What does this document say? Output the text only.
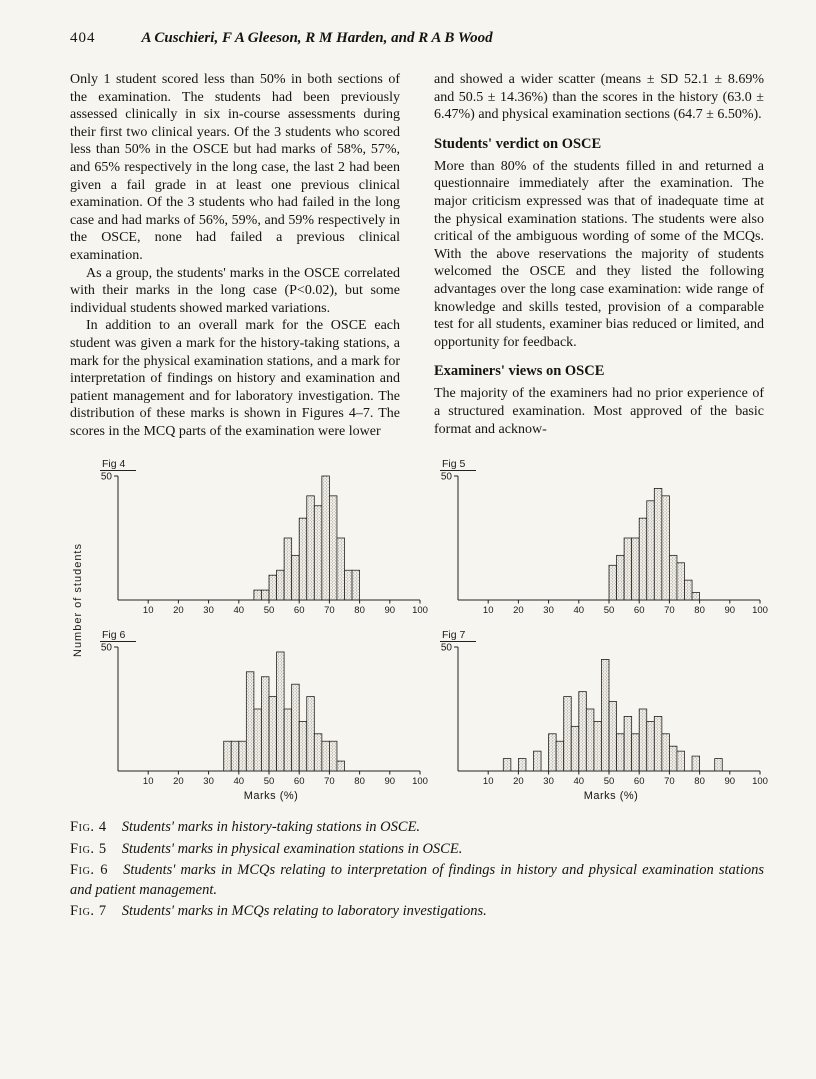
404	A Cuschieri, F A Gleeson, R M Harden, and R A B Wood

Only 1 student scored less than 50% in both sections of the examination. The students had been previously assessed clinically in six in-course assessments during their first two clinical years. Of the 3 students who scored less than 50% in the OSCE but had marks of 58%, 57%, and 65% respectively in the long case, the last 2 had been given a fail grade in at least one previous clinical examination. Of the 3 students who had failed in the long case and had marks of 56%, 59%, and 59% respectively in the OSCE, none had failed a previous clinical examination.

As a group, the students' marks in the OSCE correlated with their marks in the long case (P<0.02), but some individual students showed marked variations.

In addition to an overall mark for the OSCE each student was given a mark for the history-taking stations, a mark for the physical examination stations, and a mark for interpretation of findings on history and examination and patient management and for laboratory investigation. The distribution of these marks is shown in Figures 4–7. The scores in the MCQ parts of the examination were lower

and showed a wider scatter (means ± SD 52.1 ± 8.69% and 50.5 ± 14.36%) than the scores in the history (63.0 ± 6.47%) and physical examination sections (64.7 ± 6.50%).

Students' verdict on OSCE

More than 80% of the students filled in and returned a questionnaire immediately after the examination. The major criticism expressed was that of inadequate time at the physical examination stations. The students were also critical of the ambiguous wording of some of the MCQs. With the above reservations the majority of students welcomed the OSCE and they listed the following advantages over the long case examination: wide range of knowledge and skills tested, provision of a comparable test for all students, examiner bias reduced or limited, and opportunity for feedback.

Examiners' views on OSCE

The majority of the examiners had no prior experience of a structured examination. Most approved of the basic format and acknow-

Number of students
Fig 4
50
10 20 30 40 50 60 70 80 90 100
Fig 5
50
10 20 30 40 50 60 70 80 90 100
Fig 6
50
10 20 30 40 50 60 70 80 90 100
Marks (%)
Fig 7
50
10 20 30 40 50 60 70 80 90 100
Marks (%)

Fig. 4 Students' marks in history-taking stations in OSCE.

Fig. 5 Students' marks in physical examination stations in OSCE.

Fig. 6 Students' marks in MCQs relating to interpretation of findings in history and physical examination stations and patient management.

Fig. 7 Students' marks in MCQs relating to laboratory investigations.
